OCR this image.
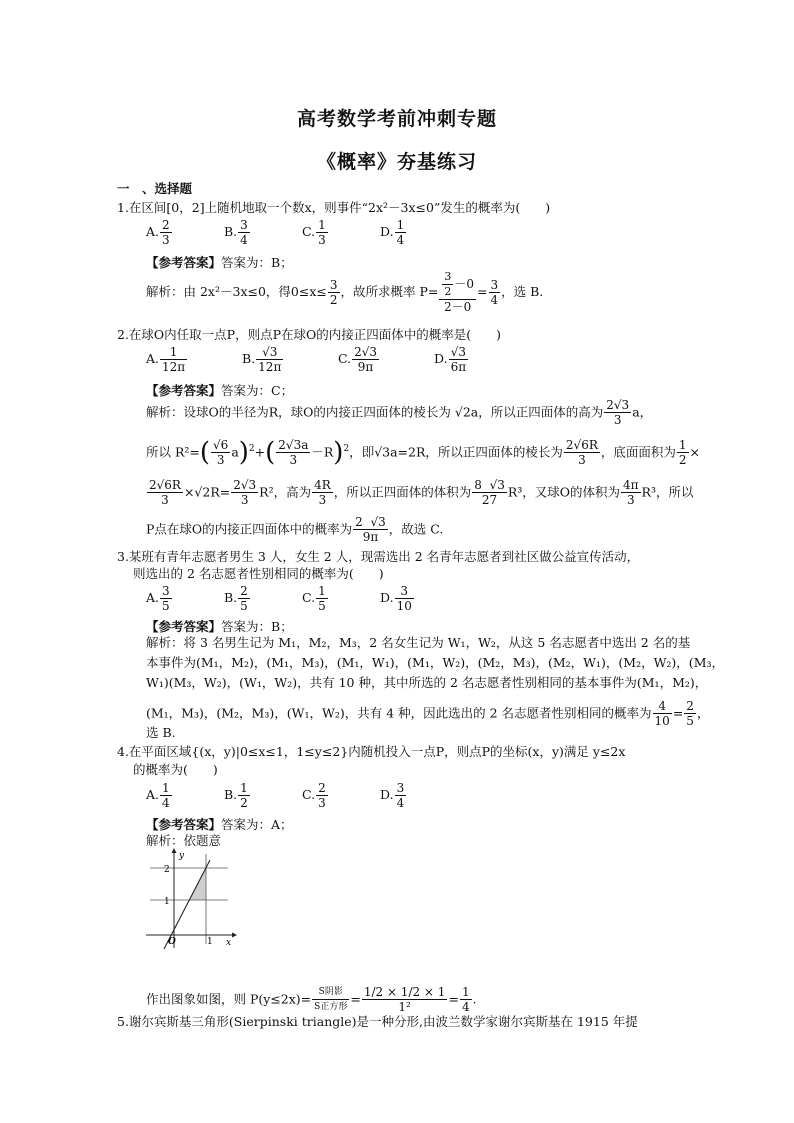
高考数学考前冲刺专题
《概率》夯基练习
一　、选择题
1.在区间[0，2]上随机地取一个数x，则事件“2x²－3x≤0”发生的概率为(　　)
A. $\frac{2}{3}$	B. $\frac{3}{4}$	C. $\frac{1}{3}$	D. $\frac{1}{4}$
【参考答案】答案为：B；
解析：由 2x²－3x≤0，得$0\le x\le \frac{3}{2}$ ，故所求概率 $P= \frac{\frac{3}{2} -0}{2-0} = \frac{3}{4}$ ，选 B.
2.在球O内任取一点P，则点P在球O的内接正四面体中的概率是(　　)
A. $\frac{1}{12\pi}$	B. $\frac{√3}{12\pi}$	C. $\frac{2√3}{9\pi}$	D. $\frac{√3}{6\pi}$
【参考答案】答案为：C；
解析：设球O的半径为R，球O的内接正四面体的棱长为 √2a，所以正四面体的高为 $\frac{2√3}{3}$ a，
所以 $R^2=( \frac{√6}{3} a)^2+( \frac{2√3a}{3} -R)^2$，即√3a=2R，所以正四面体的棱长为 $\frac{2√6R}{3}$ ，底面面积为 $\frac{1}{2}$ ×
$\frac{2√6R}{3} \times√2R= \frac{2√3}{3} R^2$，高为 $\frac{4R}{3}$ ，所以正四面体的体积为 $\frac{8 √3}{27} R^3$，又球O的体积为 $\frac{4\pi}{3} R^3$，所以
P点在球O的内接正四面体中的概率为 $\frac{2 √3}{9\pi}$ ，故选 C.
3.某班有青年志愿者男生 3 人，女生 2 人，现需选出 2 名青年志愿者到社区做公益宣传活动，
则选出的 2 名志愿者性别相同的概率为(　　)
A. $\frac{3}{5}$	B. $\frac{2}{5}$	C. $\frac{1}{5}$	D. $\frac{3}{10}$
【参考答案】答案为：B；
解析：将 3 名男生记为 M₁，M₂，M₃，2 名女生记为 W₁，W₂，从这 5 名志愿者中选出 2 名的基
本事件为(M₁，M₂)，(M₁，M₃)，(M₁，W₁)，(M₁，W₂)，(M₂，M₃)，(M₂，W₁)，(M₂，W₂)，(M₃，
W₁)(M₃，W₂)，(W₁，W₂)，共有 10 种，其中所选的 2 名志愿者性别相同的基本事件为(M₁，M₂)，
(M₁，M₃)，(M₂，M₃)，(W₁，W₂)，共有 4 种，因此选出的 2 名志愿者性别相同的概率为 $\frac{4}{10} = \frac{2}{5}$ ，
选 B.
4.在平面区域{(x，y)|0≤x≤1，1≤y≤2}内随机投入一点P，则点P的坐标(x，y)满足 y≤2x
的概率为(　　)
A. $\frac{1}{4}$	B. $\frac{1}{2}$	C. $\frac{2}{3}$	D. $\frac{3}{4}$
【参考答案】答案为：A；
解析：依题意
y
x
O	1
1
2
作出图象如图，则 $P(y\le 2x)= \frac{\text{S阴影}}{\text{S正方形}} = \frac{1/2 \times 1/2 \times 1}{\text{1²}} = \frac{1}{4}$ .
5.谢尔宾斯基三角形(Sierpinski triangle)是一种分形,由波兰数学家谢尔宾斯基在 1915 年提
